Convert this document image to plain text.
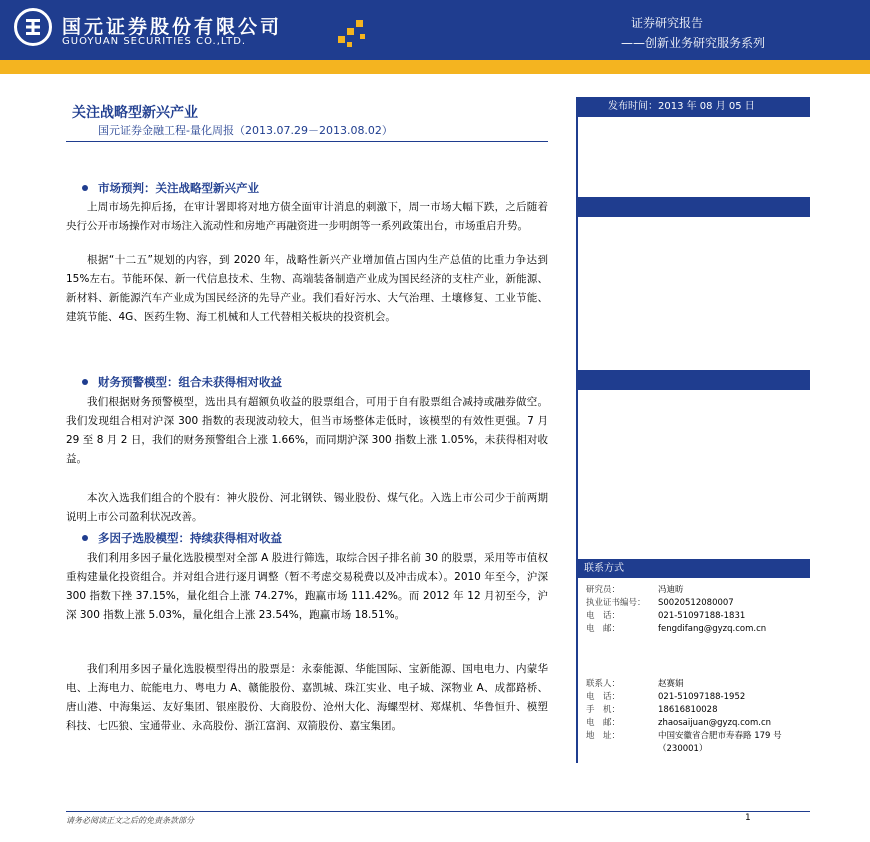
国元证券股份有限公司
GUOYUAN SECURITIES CO.,LTD.
证券研究报告
——创新业务研究服务系列
关注战略型新兴产业
国元证券金融工程-量化周报（2013.07.29－2013.08.02）
市场预判：关注战略型新兴产业
上周市场先抑后扬，在审计署即将对地方债全面审计消息的刺激下，周一市场大幅下跌，之后随着央行公开市场操作对市场注入流动性和房地产再融资进一步明朗等一系列政策出台，市场重启升势。
根据“十二五”规划的内容，到 2020 年，战略性新兴产业增加值占国内生产总值的比重力争达到 15%左右。节能环保、新一代信息技术、生物、高端装备制造产业成为国民经济的支柱产业，新能源、新材料、新能源汽车产业成为国民经济的先导产业。我们看好污水、大气治理、土壤修复、工业节能、建筑节能、4G、医药生物、海工机械和人工代替相关板块的投资机会。
财务预警模型：组合未获得相对收益
我们根据财务预警模型，选出具有超额负收益的股票组合，可用于自有股票组合减持或融券做空。我们发现组合相对沪深 300 指数的表现波动较大，但当市场整体走低时，该模型的有效性更强。7 月 29 至 8 月 2 日，我们的财务预警组合上涨 1.66%，而同期沪深 300 指数上涨 1.05%，未获得相对收益。
本次入选我们组合的个股有：神火股份、河北钢铁、锡业股份、煤气化。入选上市公司少于前两期说明上市公司盈利状况改善。
多因子选股模型：持续获得相对收益
我们利用多因子量化选股模型对全部 A 股进行筛选，取综合因子排名前 30 的股票，采用等市值权重构建量化投资组合。并对组合进行逐月调整（暂不考虑交易税费以及冲击成本）。2010 年至今，沪深 300 指数下挫 37.15%，量化组合上涨 74.27%，跑赢市场 111.42%。而 2012 年 12 月初至今，沪深 300 指数上涨 5.03%，量化组合上涨 23.54%，跑赢市场 18.51%。
我们利用多因子量化选股模型得出的股票是：永泰能源、华能国际、宝新能源、国电电力、内蒙华电、上海电力、皖能电力、粤电力 A、赣能股份、嘉凯城、珠江实业、电子城、深物业 A、成都路桥、唐山港、中海集运、友好集团、银座股份、大商股份、沧州大化、海螺型材、郑煤机、华鲁恒升、模塑科技、七匹狼、宝通带业、永高股份、浙江富润、双箭股份、嘉宝集团。
发布时间：2013 年 08 月 05 日
联系方式
研究员：	冯迪昉
执业证书编号： S0020512080007
电　话：	021-51097188-1831
电　邮：	fengdifang@gyzq.com.cn
联系人：	赵赛娟
电　话：	021-51097188-1952
手　机：	18616810028
电　邮：	zhaosaijuan@gyzq.com.cn
地　址：	中国安徽省合肥市寿春路 179 号
（230001）
请务必阅读正文之后的免责条款部分	1
